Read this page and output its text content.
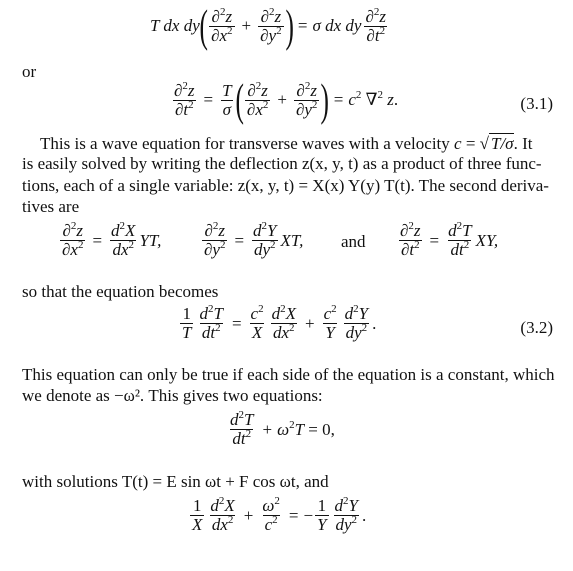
T dx dy ( $\frac{\partial^2z}{\partial x^2} + \frac{\partial^2z}{\partial y^2}$ ) = σ dx dy $\frac{\partial^2z}{\partial t^2}$
or
$\frac{\partial^2z}{\partial t^2} = \frac{T}{\sigma}$ ( $\frac{\partial^2z}{\partial x^2} + \frac{\partial^2z}{\partial y^2}$ ) = $c^2$ ∇$^2$ z.	(3.1)
This is a wave equation for transverse waves with a velocity c = √ T/σ. It
is easily solved by writing the deflection z(x, y, t) as a product of three func-
tions, each of a single variable: z(x, y, t) = X(x) Y(y) T(t). The second deriva-
tives are
$\frac{\partial^2z}{\partial x^2} = \frac{d^2X}{dx^2}$ YT, $\frac{\partial^2z}{\partial y^2} = \frac{d^2Y}{dy^2}$ XT, and $\frac{\partial^2z}{\partial t^2} = \frac{d^2T}{dt^2}$ XY,
so that the equation becomes
$\frac{1}{T} \frac{d^2T}{dt^2} = \frac{c^2}{X} \frac{d^2X}{dx^2} + \frac{c^2}{Y} \frac{d^2Y}{dy^2}$ .	(3.2)
This equation can only be true if each side of the equation is a constant, which
we denote as −ω². This gives two equations:
$\frac{d^2T}{dt^2} + \omega^2T = 0$,
with solutions T(t) = E sin ωt + F cos ωt, and
$\frac{1}{X} \frac{d^2X}{dx^2} + \frac{\omega^2}{c^2}$ = − $\frac{1}{Y} \frac{d^2Y}{dy^2}$ .
